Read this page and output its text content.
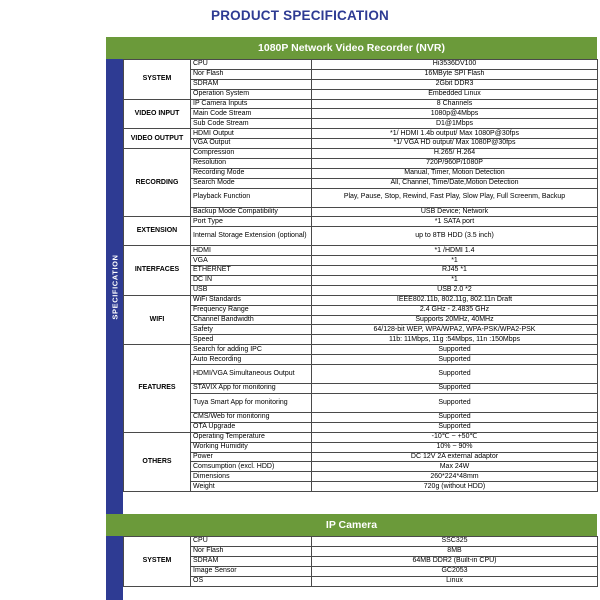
PRODUCT SPECIFICATION
1080P Network Video Recorder (NVR)
SPECIFICATION
SYSTEM	CPU	Hi3536DV100
	Nor Flash	16MByte SPI Flash
	SDRAM	2Gbit DDR3
	Operation System	Embedded Linux
VIDEO INPUT	IP Camera Inputs	8 Channels
	Main Code Stream	1080p@4Mbps
	Sub Code Stream	D1@1Mbps
VIDEO OUTPUT	HDMI Output	*1/ HDMI 1.4b output/ Max 1080P@30fps
	VGA Output	*1/ VGA HD output/ Max 1080P@30fps
RECORDING	Compression	H.265/ H.264
	Resolution	720P/960P/1080P
	Recording Mode	Manual, Timer, Motion Detection
	Search Mode	All, Channel, Time/Date,Motion Detection
	Playback Function	Play, Pause, Stop, Rewind, Fast Play, Slow Play, Full Screenm, Backup
	Backup Mode Compatibility	USB Device; Network
EXTENSION	Port Type	*1 SATA port
	Internal Storage Extension (optional)	up to 8TB HDD (3.5 inch)
INTERFACES	HDMI	*1 /HDMI 1.4
	VGA	*1
	ETHERNET	RJ45 *1
	DC IN	*1
	USB	USB 2.0 *2
WIFI	WiFi Standards	IEEE802.11b, 802.11g, 802.11n Draft
	Frequency Range	2.4 GHz - 2.4835 GHz
	Channel Bandwidth	Supports 20MHz, 40MHz
	Safety	64/128-bit WEP, WPA/WPA2, WPA-PSK/WPA2-PSK
	Speed	11b: 11Mbps, 11g :54Mbps, 11n :150Mbps
FEATURES	Search for adding IPC	Supported
	Auto Recording	Supported
	HDMI/VGA Simultaneous Output	Supported
	STAVIX App for monitoring	Supported
	Tuya Smart App for monitoring	Supported
	CMS/Web for monitoring	Supported
	OTA Upgrade	Supported
OTHERS	Operating Temperature	-10℃ ~ +50℃
	Working Humidity	10% ~ 90%
	Power	DC 12V 2A external adaptor
	Comsumption (excl. HDD)	Max 24W
	Dimensions	260*224*48mm
	Weight	720g (without HDD)
IP Camera
SYSTEM	CPU	SSC325
	Nor Flash	8MB
	SDRAM	64MB DDR2 (Built-in CPU)
	Image Sensor	GC2053
	OS	Linux
